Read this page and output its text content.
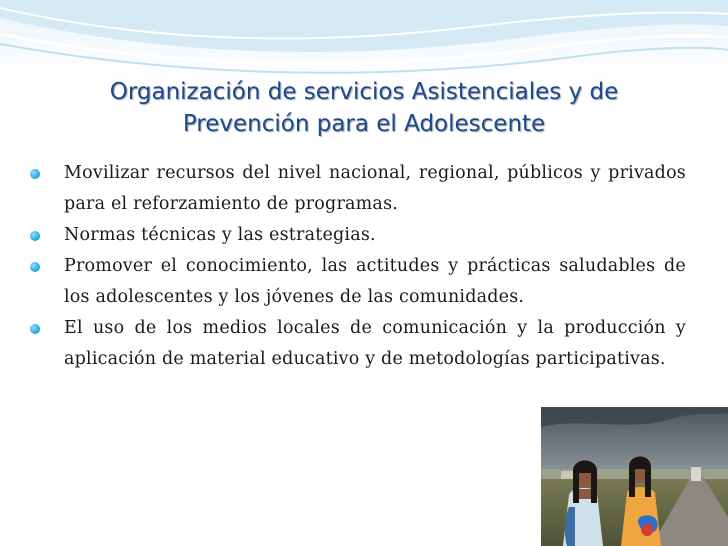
Organización de servicios Asistenciales y de
Prevención para el Adolescente
Movilizar recursos del nivel nacional, regional, públicos y privados para el reforzamiento de programas.
Normas técnicas y las estrategias.
Promover el conocimiento, las actitudes y prácticas saludables de los adolescentes y los jóvenes de las comunidades.
El uso de los medios locales de comunicación y la producción y aplicación de material educativo y de metodologías participativas.
